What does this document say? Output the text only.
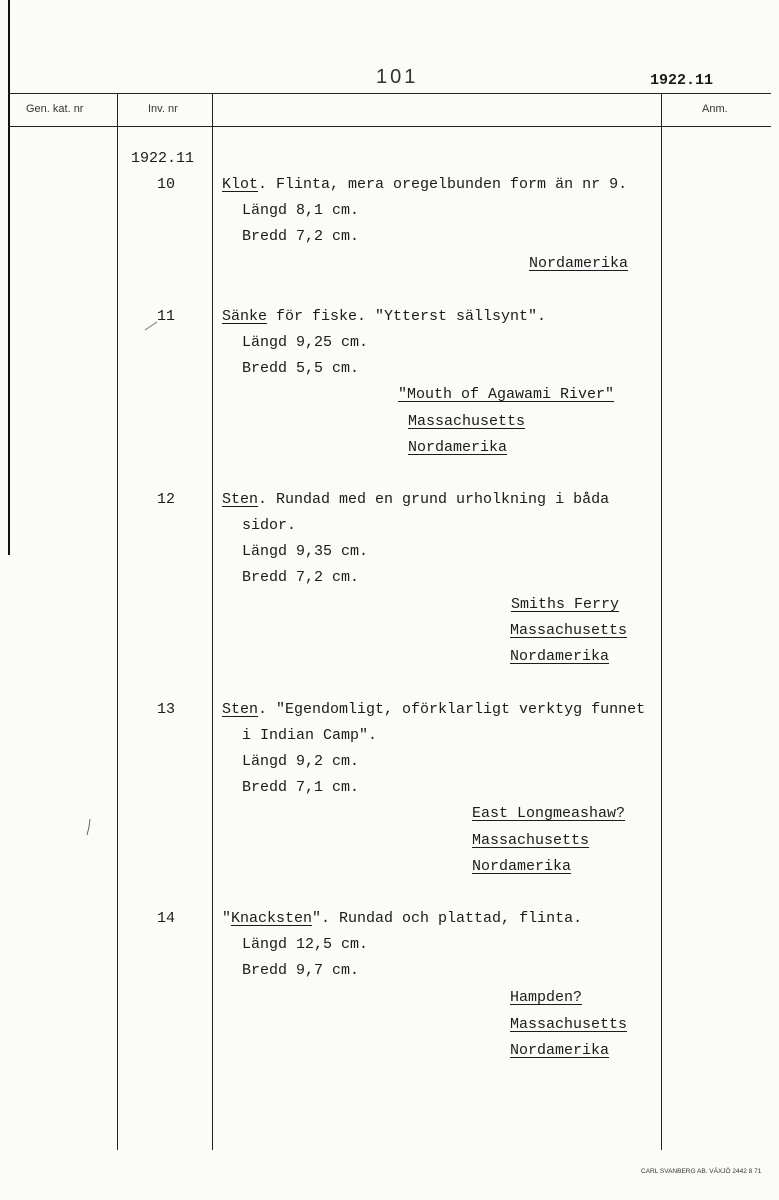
101	1922.11
Gen. kat. nr	Inv. nr	Anm.
1922.11
10	Klot. Flinta, mera oregelbunden form än nr 9.
Längd 8,1 cm.
Bredd 7,2 cm.
Nordamerika
11	Sänke för fiske. "Ytterst sällsynt".
Längd 9,25 cm.
Bredd 5,5 cm.
"Mouth of Agawami River"
Massachusetts
Nordamerika
12	Sten. Rundad med en grund urholkning i båda
sidor.
Längd 9,35 cm.
Bredd 7,2 cm.
Smiths Ferry
Massachusetts
Nordamerika
13	Sten. "Egendomligt, oförklarligt verktyg funnet
i Indian Camp".
Längd 9,2 cm.
Bredd 7,1 cm.
East Longmeashaw?
Massachusetts
Nordamerika
14	"Knacksten". Rundad och plattad, flinta.
Längd 12,5 cm.
Bredd 9,7 cm.
Hampden?
Massachusetts
Nordamerika
CARL SVANBERG AB. VÄXJÖ 2442 8 71
